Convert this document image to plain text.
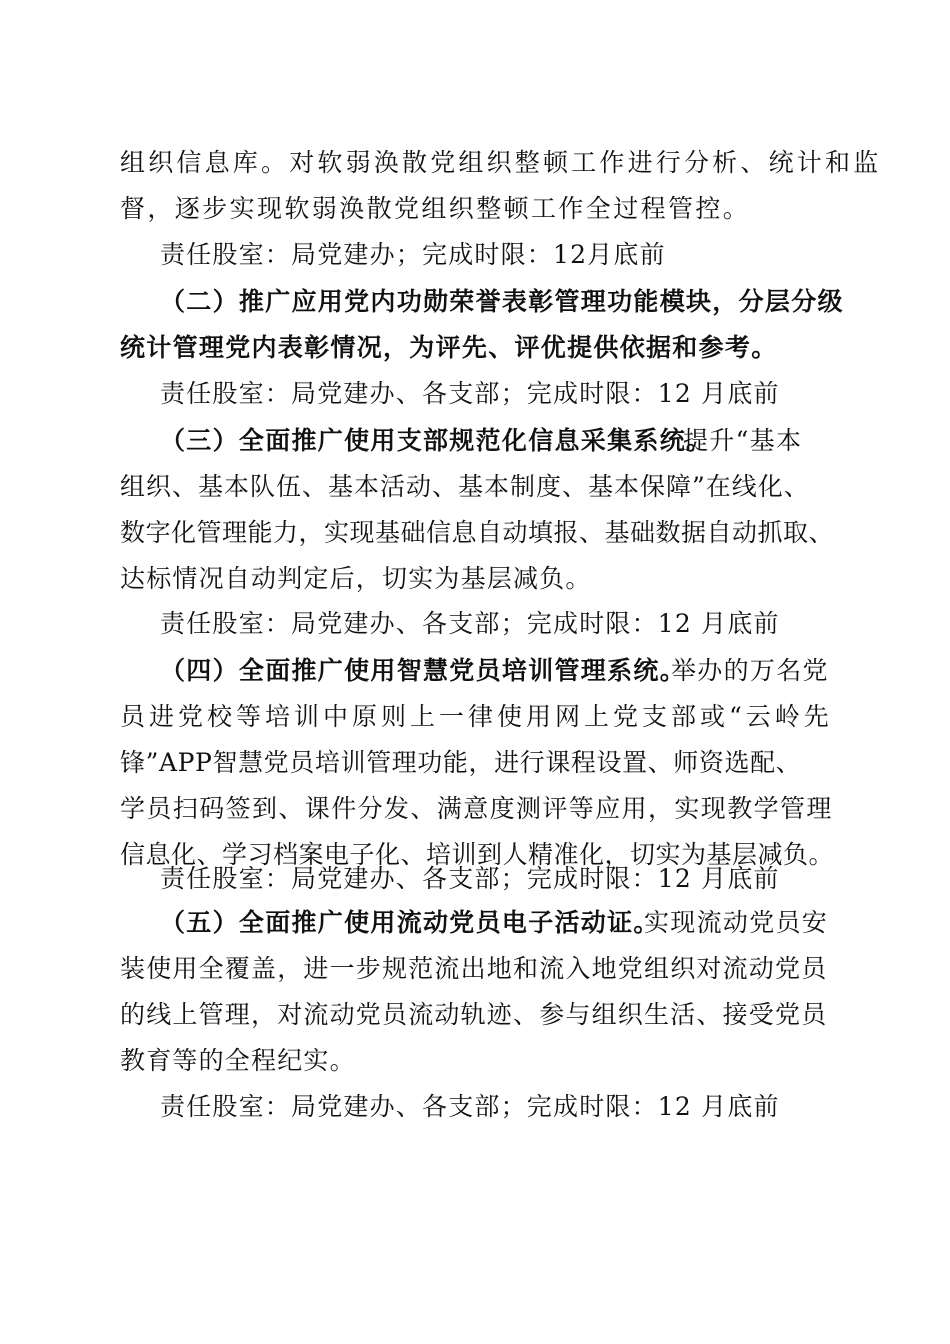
组织信息库。对软弱涣散党组织整顿工作进行分析、统计和监
督，逐步实现软弱涣散党组织整顿工作全过程管控。
责任股室：局党建办；完成时限：12月底前
（二）推广应用党内功勋荣誉表彰管理功能模块，分层分级
统计管理党内表彰情况，为评先、评优提供依据和参考。
责任股室：局党建办、各支部；完成时限：12 月底前
（三）全面推广使用支部规范化信息采集系统。
提升“基本
组织、基本队伍、基本活动、基本制度、基本保障”在线化、
数字化管理能力，实现基础信息自动填报、基础数据自动抓取、
达标情况自动判定后，切实为基层减负。
责任股室：局党建办、各支部；完成时限：12 月底前
（四）全面推广使用智慧党员培训管理系统。
举办的万名党
员进党校等培训中原则上一律使用网上党支部或“云岭先
锋”APP智慧党员培训管理功能，进行课程设置、师资选配、
学员扫码签到、课件分发、满意度测评等应用，实现教学管理
信息化、学习档案电子化、培训到人精准化，切实为基层减负。
责任股室：局党建办、各支部；完成时限：12 月底前
（五）全面推广使用流动党员电子活动证。
实现流动党员安
装使用全覆盖，进一步规范流出地和流入地党组织对流动党员
的线上管理，对流动党员流动轨迹、参与组织生活、接受党员
教育等的全程纪实。
责任股室：局党建办、各支部；完成时限：12 月底前
